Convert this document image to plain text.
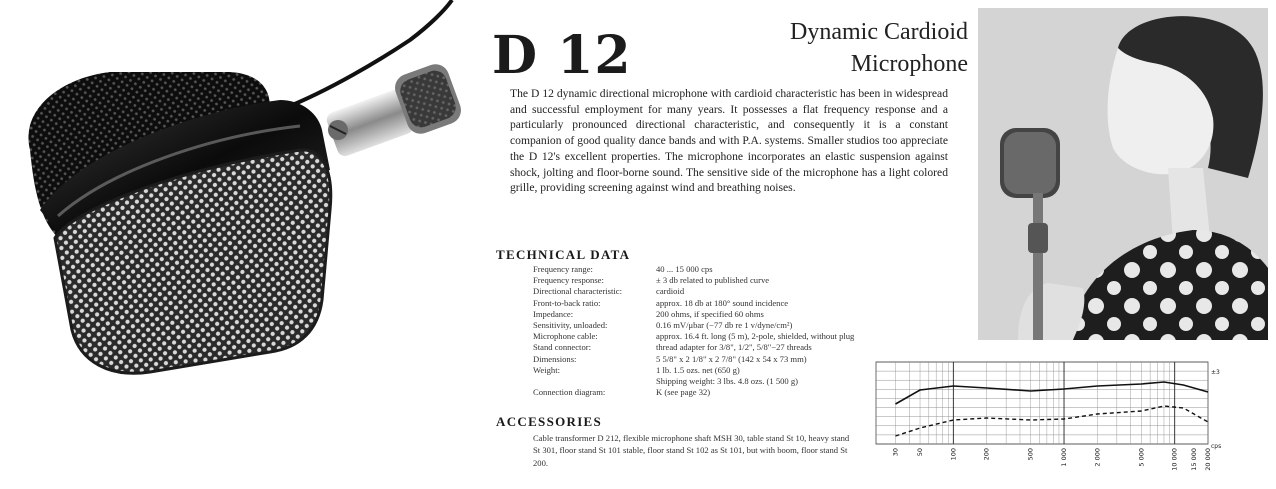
D 12	Dynamic Cardioid
Microphone

The D 12 dynamic directional microphone with cardioid characteristic has been in widespread and successful employment for many years. It possesses a flat frequency response and a particularly pronounced directional characteristic, and consequently it is a constant companion of good quality dance bands and with P.A. systems. Smaller studios too appreciate the D 12's excellent properties. The microphone incorporates an elastic suspension against shock, jolting and floor-borne sound. The sensitive side of the microphone has a light colored grille, providing screening against wind and breathing noises.

TECHNICAL DATA
Frequency range:	40 ... 15 000 cps
Frequency response:	± 3 db related to published curve
Directional characteristic:	cardioid
Front-to-back ratio:	approx. 18 db at 180° sound incidence
Impedance:	200 ohms, if specified 60 ohms
Sensitivity, unloaded:	0.16 mV/μbar (−77 db re 1 v/dyne/cm²)
Microphone cable:	approx. 16.4 ft. long (5 m), 2-pole, shielded, without plug
Stand connector:	thread adapter for 3/8", 1/2", 5/8"−27 threads
Dimensions:	5 5/8" x 2 1/8" x 2 7/8" (142 x 54 x 73 mm)
Weight:	1 lb. 1.5 ozs. net (650 g)
Shipping weight: 3 lbs. 4.8 ozs. (1 500 g)
Connection diagram:	K (see page 32)
ACCESSORIES

Cable transformer D 212, flexible microphone shaft MSH 30, table stand St 10, heavy stand St 301, floor stand St 101 stable, floor stand St 102 as St 101, but with boom, floor stand St 200.

±3
cps
30	50	100	200	500	1 000	2 000	5 000	10 000 15 000 20 000
